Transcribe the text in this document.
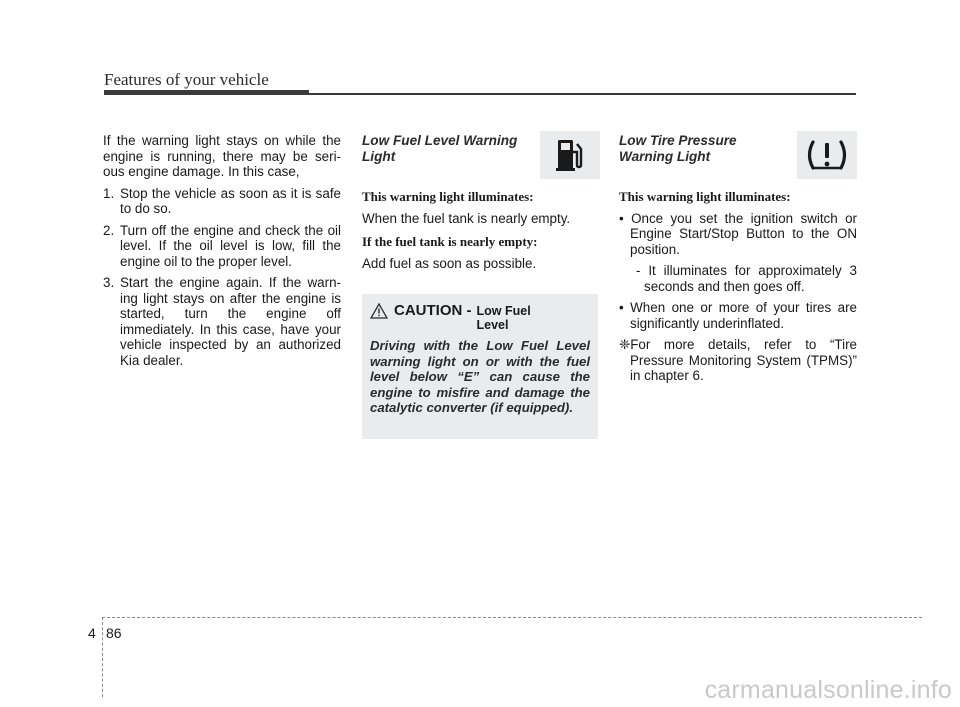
Features of your vehicle
If the warning light stays on while the engine is running, there may be seri-ous engine damage. In this case,
1. Stop the vehicle as soon as it is safe to do so.
2. Turn off the engine and check the oil level. If the oil level is low, fill the engine oil to the proper level.
3. Start the engine again. If the warn-ing light stays on after the engine is started, turn the engine off immediately. In this case, have your vehicle inspected by an authorized Kia dealer.
Low Fuel Level Warning Light
This warning light illuminates:

When the fuel tank is nearly empty.

If the fuel tank is nearly empty:

Add fuel as soon as possible.

CAUTION - Low Fuel Level
Driving with the Low Fuel Level warning light on or with the fuel level below “E” can cause the engine to misfire and damage the catalytic converter (if equipped).
Low Tire Pressure Warning Light
This warning light illuminates:
• Once you set the ignition switch or Engine Start/Stop Button to the ON position.
- It illuminates for approximately 3 seconds and then goes off.
• When one or more of your tires are significantly underinflated.
❈For more details, refer to “Tire Pressure Monitoring System (TPMS)” in chapter 6.
4 86
carmanualsonline.info
